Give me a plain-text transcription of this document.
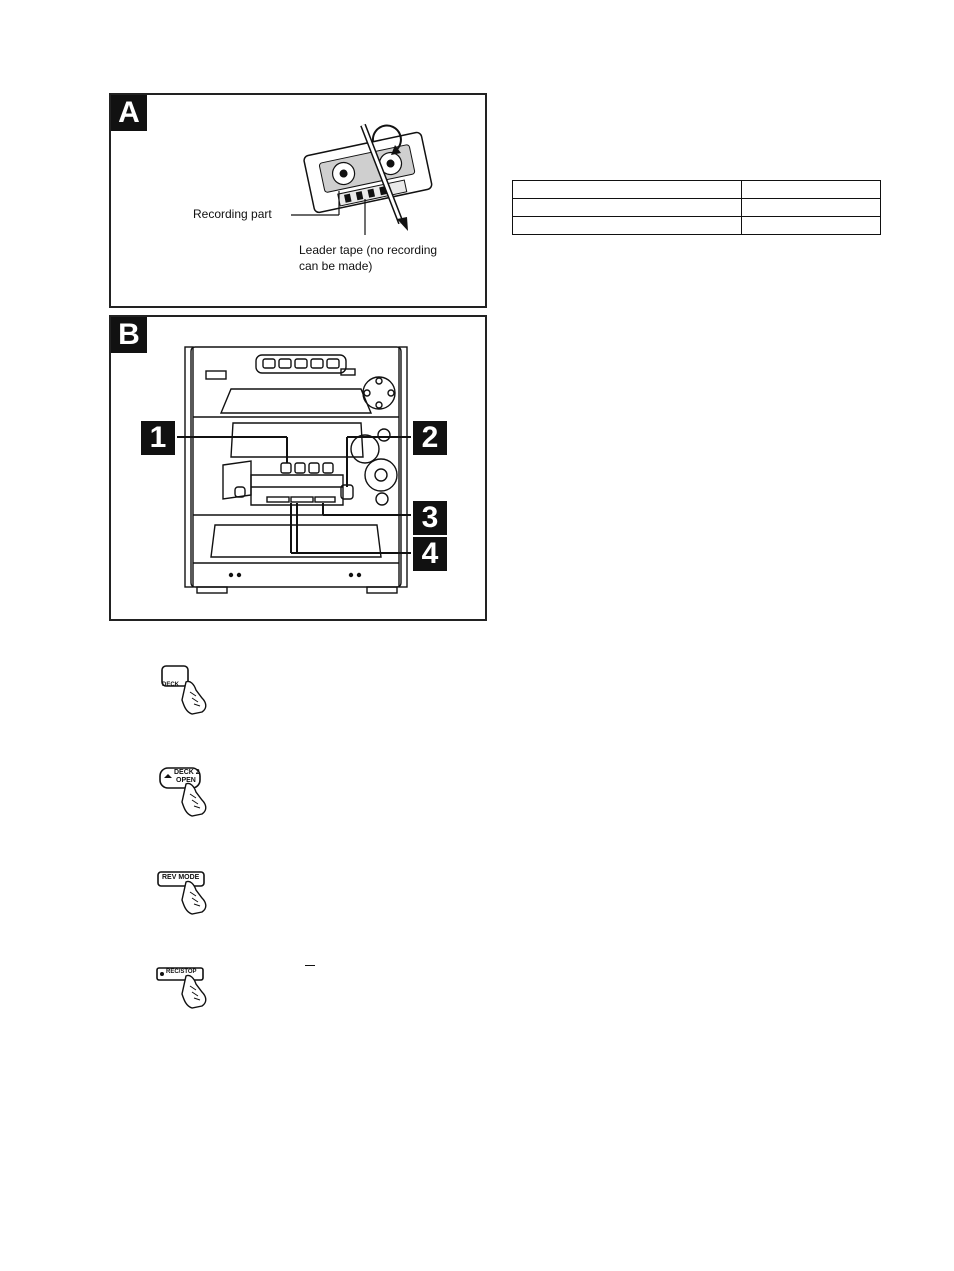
A
Recording part
Leader tape (no recording
can be made)
B
1	2
3
4

DECK
DECK 2
OPEN
REV MODE
REC/STOP
